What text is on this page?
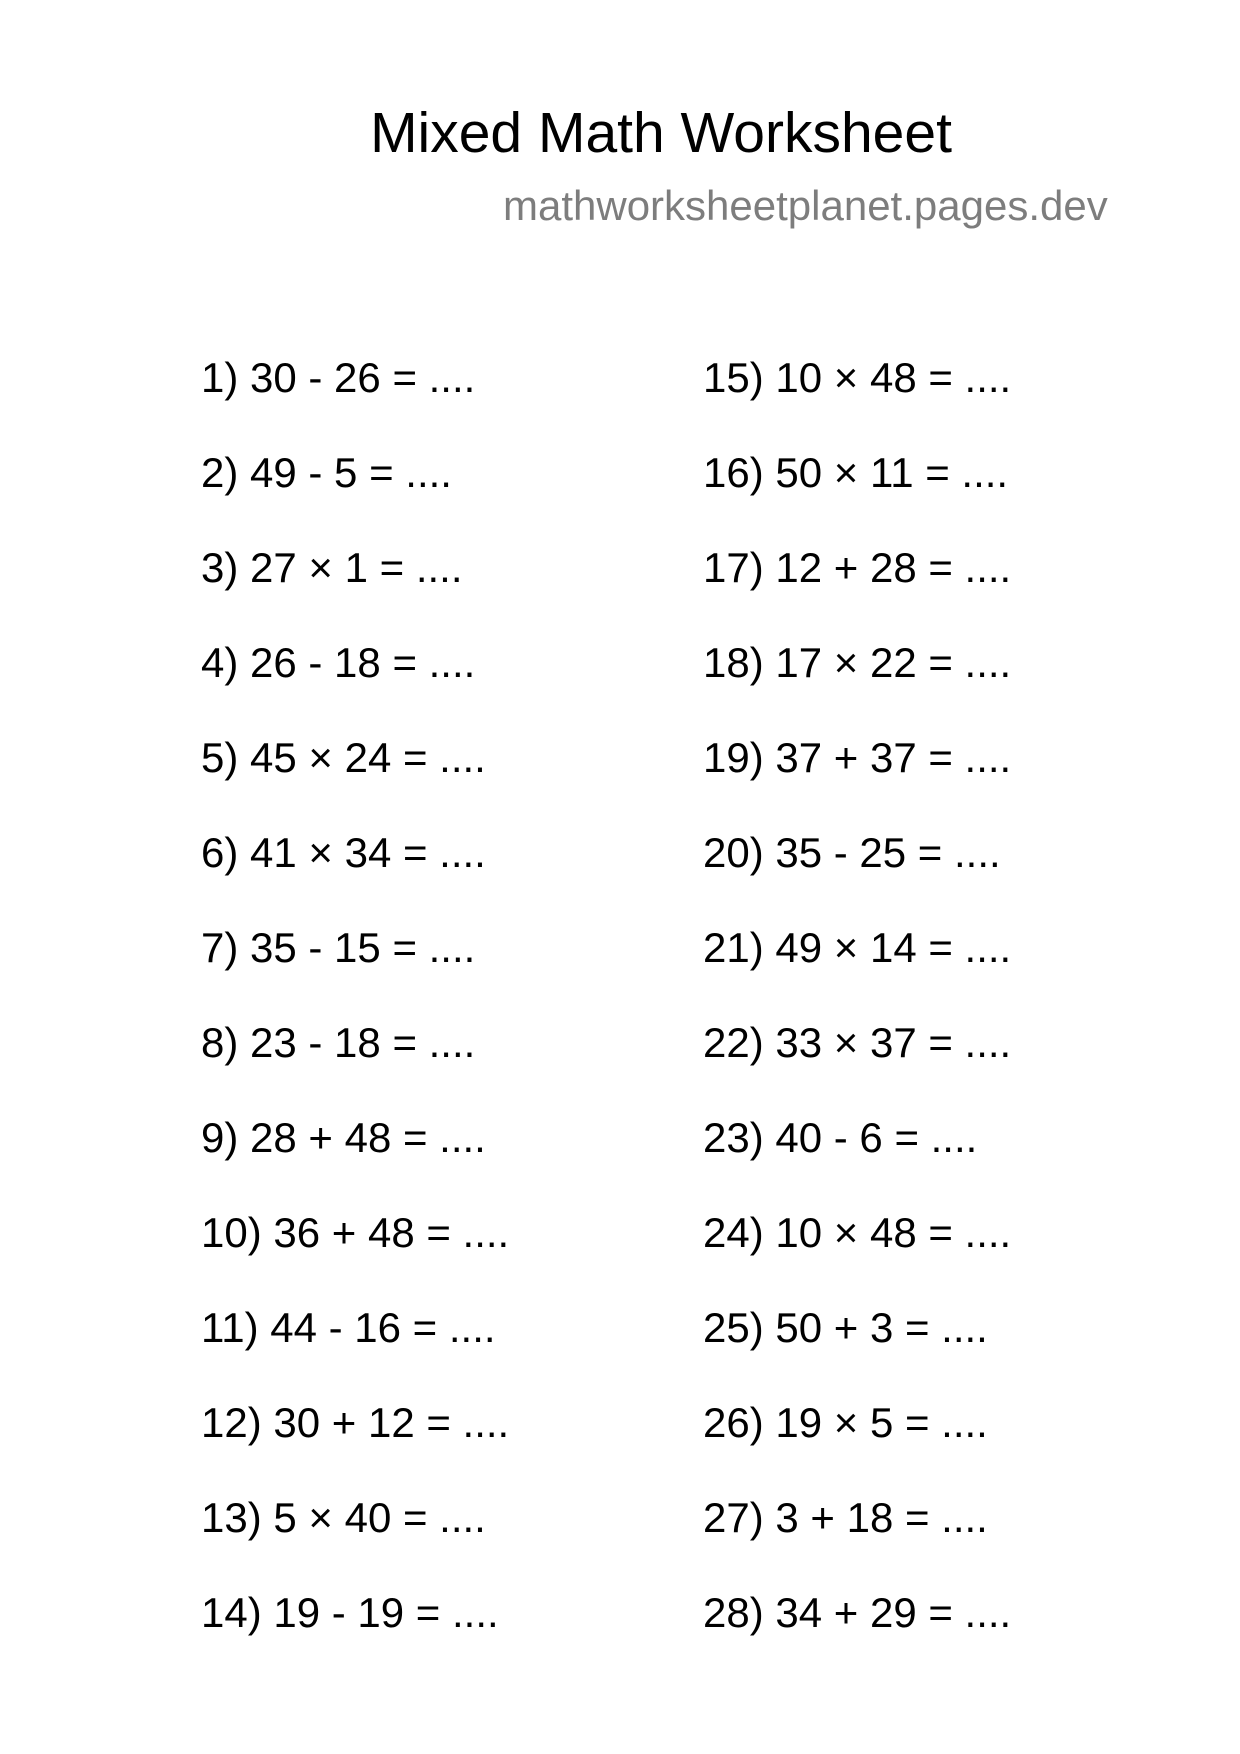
Mixed Math Worksheet
mathworksheetplanet.pages.dev
1) 30 - 26 = ....
2) 49 - 5 = ....
3) 27 × 1 = ....
4) 26 - 18 = ....
5) 45 × 24 = ....
6) 41 × 34 = ....
7) 35 - 15 = ....
8) 23 - 18 = ....
9) 28 + 48 = ....
10) 36 + 48 = ....
11) 44 - 16 = ....
12) 30 + 12 = ....
13) 5 × 40 = ....
14) 19 - 19 = ....
15) 10 × 48 = ....
16) 50 × 11 = ....
17) 12 + 28 = ....
18) 17 × 22 = ....
19) 37 + 37 = ....
20) 35 - 25 = ....
21) 49 × 14 = ....
22) 33 × 37 = ....
23) 40 - 6 = ....
24) 10 × 48 = ....
25) 50 + 3 = ....
26) 19 × 5 = ....
27) 3 + 18 = ....
28) 34 + 29 = ....
